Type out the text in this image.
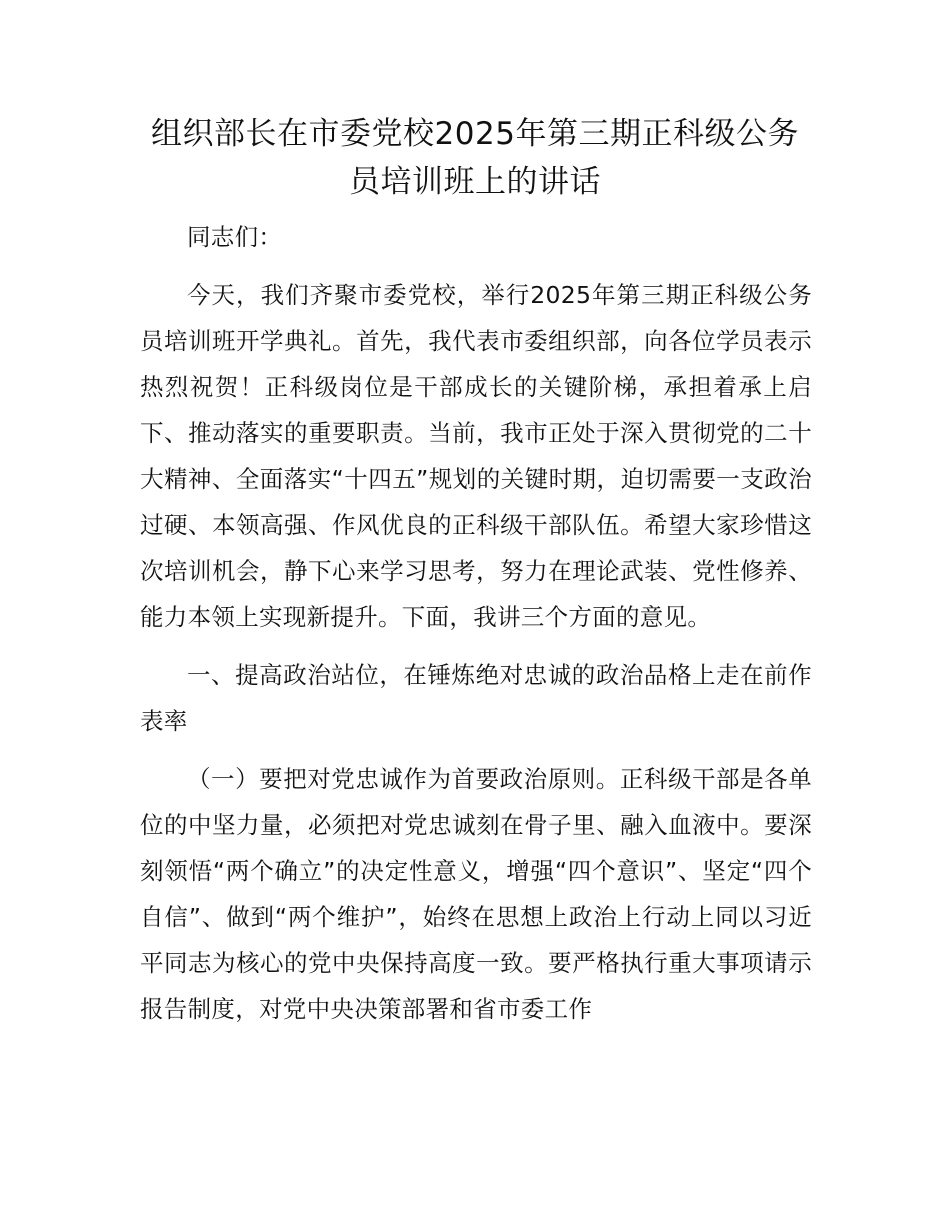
组织部长在市委党校2025年第三期正科级公务员培训班上的讲话

同志们：

今天，我们齐聚市委党校，举行2025年第三期正科级公务员培训班开学典礼。首先，我代表市委组织部，向各位学员表示热烈祝贺！正科级岗位是干部成长的关键阶梯，承担着承上启下、推动落实的重要职责。当前，我市正处于深入贯彻党的二十大精神、全面落实“十四五”规划的关键时期，迫切需要一支政治过硬、本领高强、作风优良的正科级干部队伍。希望大家珍惜这次培训机会，静下心来学习思考，努力在理论武装、党性修养、能力本领上实现新提升。下面，我讲三个方面的意见。

一、提高政治站位，在锤炼绝对忠诚的政治品格上走在前作表率

（一）要把对党忠诚作为首要政治原则。正科级干部是各单位的中坚力量，必须把对党忠诚刻在骨子里、融入血液中。要深刻领悟“两个确立”的决定性意义，增强“四个意识”、坚定“四个自信”、做到“两个维护”，始终在思想上政治上行动上同以习近平同志为核心的党中央保持高度一致。要严格执行重大事项请示报告制度，对党中央决策部署和省市委工作
